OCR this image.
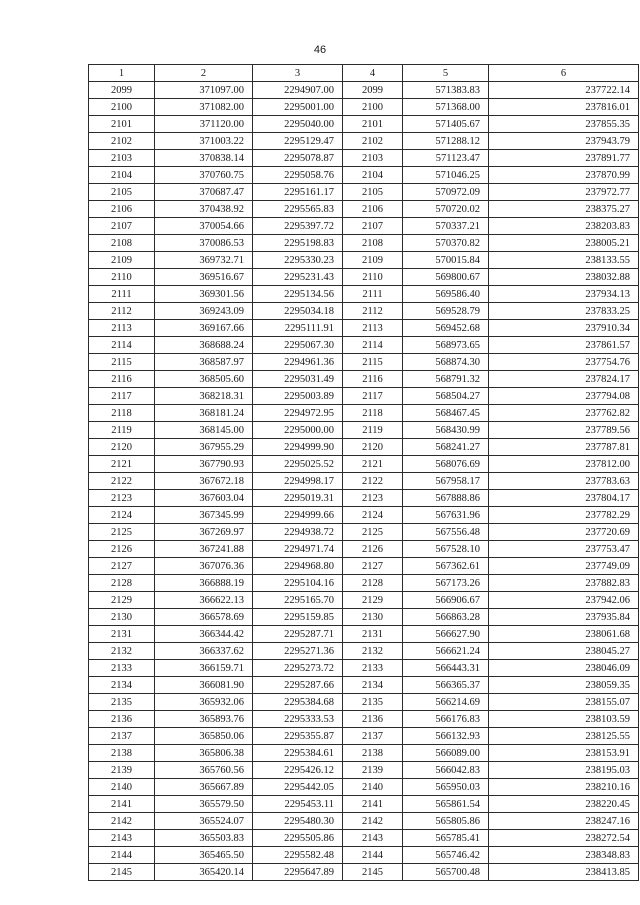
46
1	2	3	4	5	6
2099	371097.00	2294907.00	2099	571383.83	237722.14
2100	371082.00	2295001.00	2100	571368.00	237816.01
2101	371120.00	2295040.00	2101	571405.67	237855.35
2102	371003.22	2295129.47	2102	571288.12	237943.79
2103	370838.14	2295078.87	2103	571123.47	237891.77
2104	370760.75	2295058.76	2104	571046.25	237870.99
2105	370687.47	2295161.17	2105	570972.09	237972.77
2106	370438.92	2295565.83	2106	570720.02	238375.27
2107	370054.66	2295397.72	2107	570337.21	238203.83
2108	370086.53	2295198.83	2108	570370.82	238005.21
2109	369732.71	2295330.23	2109	570015.84	238133.55
2110	369516.67	2295231.43	2110	569800.67	238032.88
2111	369301.56	2295134.56	2111	569586.40	237934.13
2112	369243.09	2295034.18	2112	569528.79	237833.25
2113	369167.66	2295111.91	2113	569452.68	237910.34
2114	368688.24	2295067.30	2114	568973.65	237861.57
2115	368587.97	2294961.36	2115	568874.30	237754.76
2116	368505.60	2295031.49	2116	568791.32	237824.17
2117	368218.31	2295003.89	2117	568504.27	237794.08
2118	368181.24	2294972.95	2118	568467.45	237762.82
2119	368145.00	2295000.00	2119	568430.99	237789.56
2120	367955.29	2294999.90	2120	568241.27	237787.81
2121	367790.93	2295025.52	2121	568076.69	237812.00
2122	367672.18	2294998.17	2122	567958.17	237783.63
2123	367603.04	2295019.31	2123	567888.86	237804.17
2124	367345.99	2294999.66	2124	567631.96	237782.29
2125	367269.97	2294938.72	2125	567556.48	237720.69
2126	367241.88	2294971.74	2126	567528.10	237753.47
2127	367076.36	2294968.80	2127	567362.61	237749.09
2128	366888.19	2295104.16	2128	567173.26	237882.83
2129	366622.13	2295165.70	2129	566906.67	237942.06
2130	366578.69	2295159.85	2130	566863.28	237935.84
2131	366344.42	2295287.71	2131	566627.90	238061.68
2132	366337.62	2295271.36	2132	566621.24	238045.27
2133	366159.71	2295273.72	2133	566443.31	238046.09
2134	366081.90	2295287.66	2134	566365.37	238059.35
2135	365932.06	2295384.68	2135	566214.69	238155.07
2136	365893.76	2295333.53	2136	566176.83	238103.59
2137	365850.06	2295355.87	2137	566132.93	238125.55
2138	365806.38	2295384.61	2138	566089.00	238153.91
2139	365760.56	2295426.12	2139	566042.83	238195.03
2140	365667.89	2295442.05	2140	565950.03	238210.16
2141	365579.50	2295453.11	2141	565861.54	238220.45
2142	365524.07	2295480.30	2142	565805.86	238247.16
2143	365503.83	2295505.86	2143	565785.41	238272.54
2144	365465.50	2295582.48	2144	565746.42	238348.83
2145	365420.14	2295647.89	2145	565700.48	238413.85
